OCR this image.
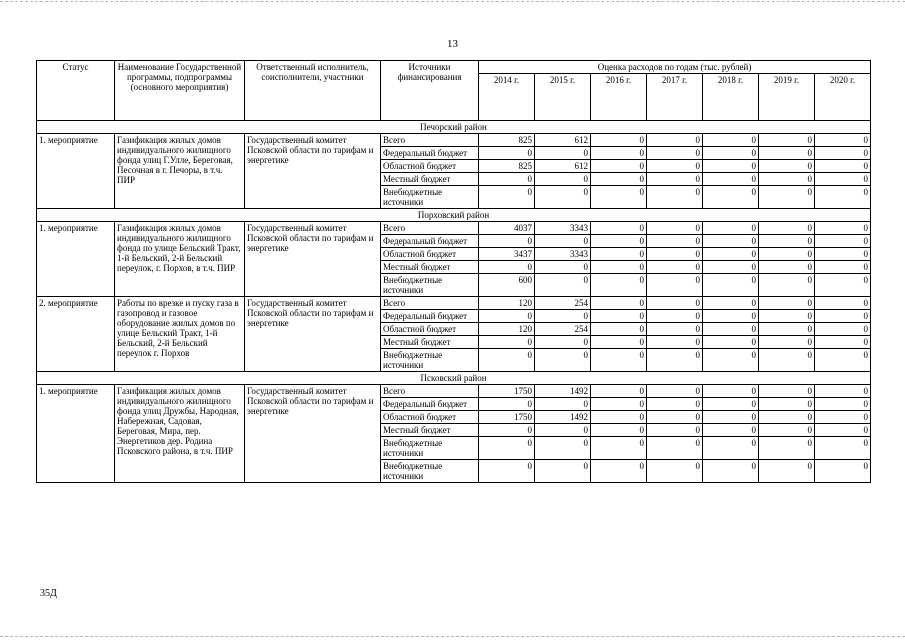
13
Статус	Наименование Государственной программы, подпрограммы (основного мероприятия)	Ответственный исполнитель, соисполнители, участники	Источники финансирования	Оценка расходов по годам (тыс. рублей)						
				2014 г.	2015 г.	2016 г.	2017 г.	2018 г.	2019 г.	2020 г.
Печорский район										
1. мероприятие	Газификация жилых домов индивидуального жилищного фонда улиц Г.Улле, Береговая, Песочная в г. Печоры, в т.ч. ПИР	Государственный комитет Псковской области по тарифам и энергетике	Всего	825	612	0	0	0	0	0
			Федеральный бюджет	0	0	0	0	0	0	0
			Областной бюджет	825	612	0	0	0	0	0
			Местный бюджет	0	0	0	0	0	0	0
			Внебюджетные источники	0	0	0	0	0	0	0
Порховский район										
1. мероприятие	Газификация жилых домов индивидуального жилищного фонда по улице Бельский Тракт, 1-й Бельский, 2-й Бельский переулок, г. Порхов, в т.ч. ПИР	Государственный комитет Псковской области по тарифам и энергетике	Всего	4037	3343	0	0	0	0	0
			Федеральный бюджет	0	0	0	0	0	0	0
			Областной бюджет	3437	3343	0	0	0	0	0
			Местный бюджет	0	0	0	0	0	0	0
			Внебюджетные источники	600	0	0	0	0	0	0
2. мероприятие	Работы по врезке и пуску газа в газопровод и газовое оборудование жилых домов по улице Бельский Тракт, 1-й Бельский, 2-й Бельский переулок г. Порхов	Государственный комитет Псковской области по тарифам и энергетике	Всего	120	254	0	0	0	0	0
			Федеральный бюджет	0	0	0	0	0	0	0
			Областной бюджет	120	254	0	0	0	0	0
			Местный бюджет	0	0	0	0	0	0	0
			Внебюджетные источники	0	0	0	0	0	0	0
Псковский район										
1. мероприятие	Газификация жилых домов индивидуального жилищного фонда улиц Дружбы, Народная, Набережная, Садовая, Береговая, Мира, пер. Энергетиков дер. Родина Псковского района, в т.ч. ПИР	Государственный комитет Псковской области по тарифам и энергетике	Всего	1750	1492	0	0	0	0	0
			Федеральный бюджет	0	0	0	0	0	0	0
			Областной бюджет	1750	1492	0	0	0	0	0
			Местный бюджет	0	0	0	0	0	0	0
			Внебюджетные источники	0	0	0	0	0	0	0
			Внебюджетные источники	0	0	0	0	0	0	0
35Д
